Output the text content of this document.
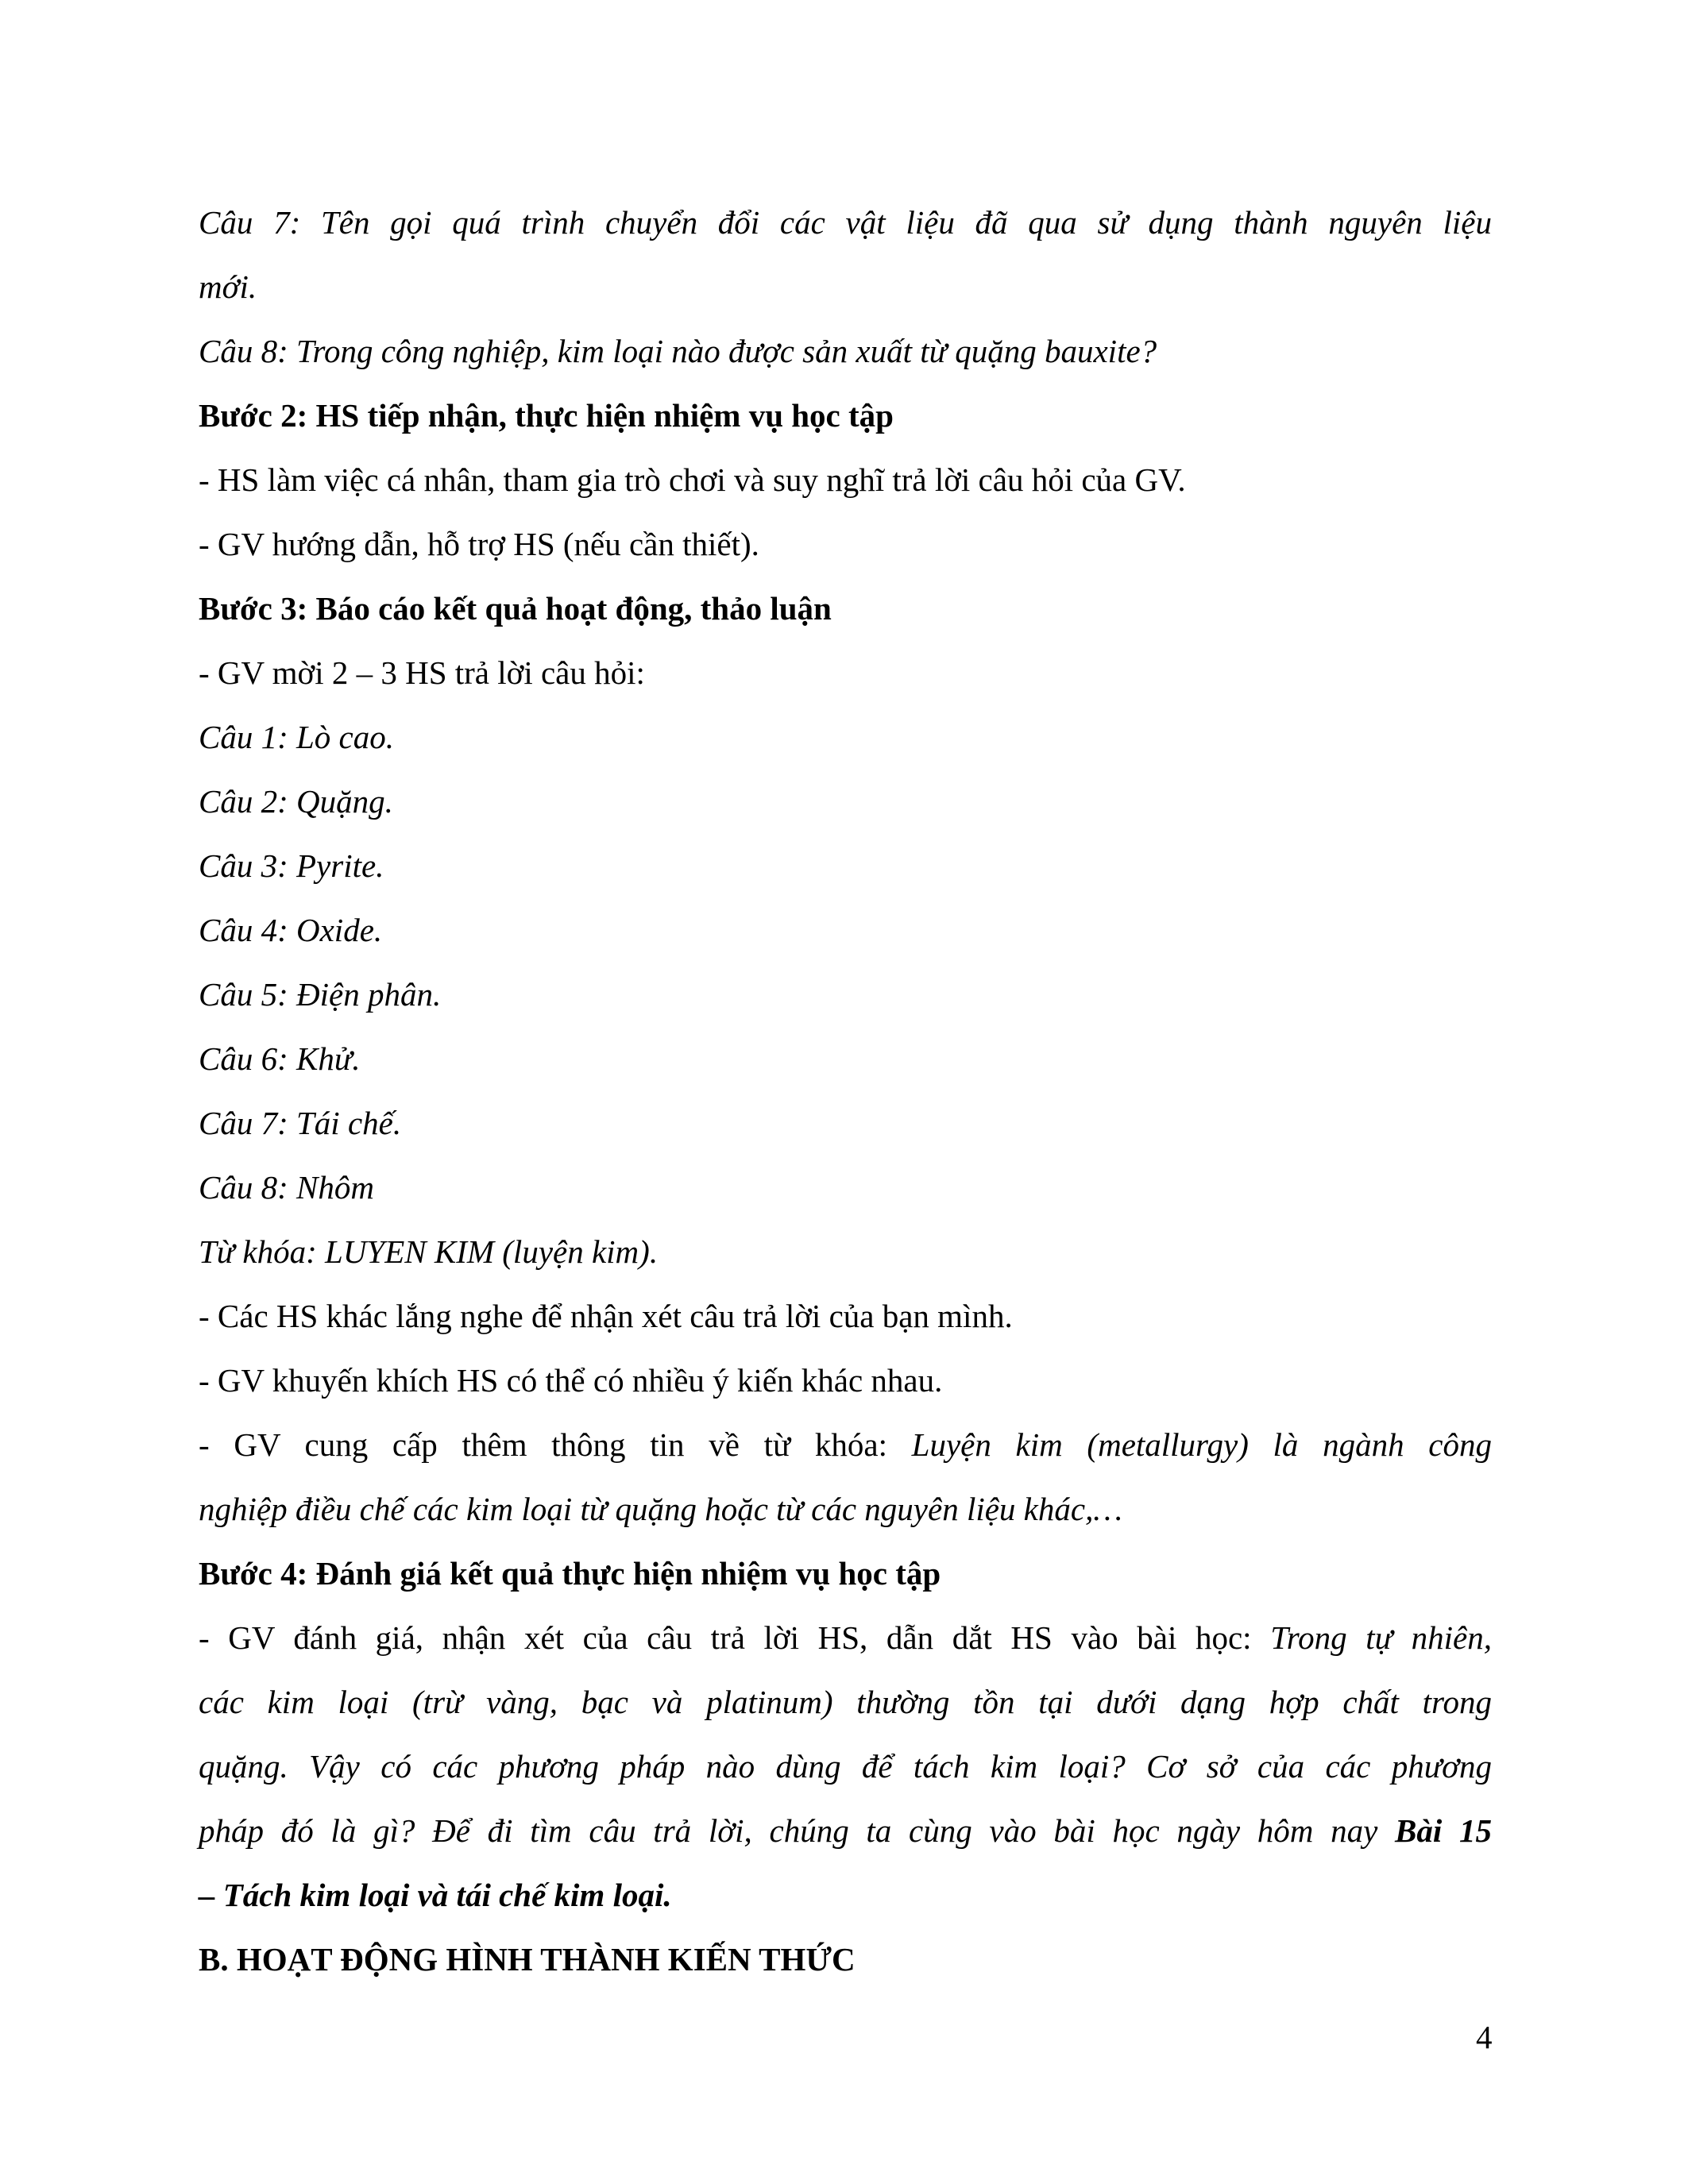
Câu 7: Tên gọi quá trình chuyển đổi các vật liệu đã qua sử dụng thành nguyên liệu
mới.
Câu 8: Trong công nghiệp, kim loại nào được sản xuất từ quặng bauxite?
Bước 2: HS tiếp nhận, thực hiện nhiệm vụ học tập
- HS làm việc cá nhân, tham gia trò chơi và suy nghĩ trả lời câu hỏi của GV.
- GV hướng dẫn, hỗ trợ HS (nếu cần thiết).
Bước 3: Báo cáo kết quả hoạt động, thảo luận
- GV mời 2 – 3 HS trả lời câu hỏi:
Câu 1: Lò cao.
Câu 2: Quặng.
Câu 3: Pyrite.
Câu 4: Oxide.
Câu 5: Điện phân.
Câu 6: Khử.
Câu 7: Tái chế.
Câu 8: Nhôm
Từ khóa: LUYEN KIM (luyện kim).
- Các HS khác lắng nghe để nhận xét câu trả lời của bạn mình.
- GV khuyến khích HS có thể có nhiều ý kiến khác nhau.
- GV cung cấp thêm thông tin về từ khóa: Luyện kim (metallurgy) là ngành công
nghiệp điều chế các kim loại từ quặng hoặc từ các nguyên liệu khác,…
Bước 4: Đánh giá kết quả thực hiện nhiệm vụ học tập
- GV đánh giá, nhận xét của câu trả lời HS, dẫn dắt HS vào bài học: Trong tự nhiên,
các kim loại (trừ vàng, bạc và platinum) thường tồn tại dưới dạng hợp chất trong
quặng. Vậy có các phương pháp nào dùng để tách kim loại? Cơ sở của các phương
pháp đó là gì? Để đi tìm câu trả lời, chúng ta cùng vào bài học ngày hôm nay Bài 15
– Tách kim loại và tái chế kim loại.
B. HOẠT ĐỘNG HÌNH THÀNH KIẾN THỨC
4
